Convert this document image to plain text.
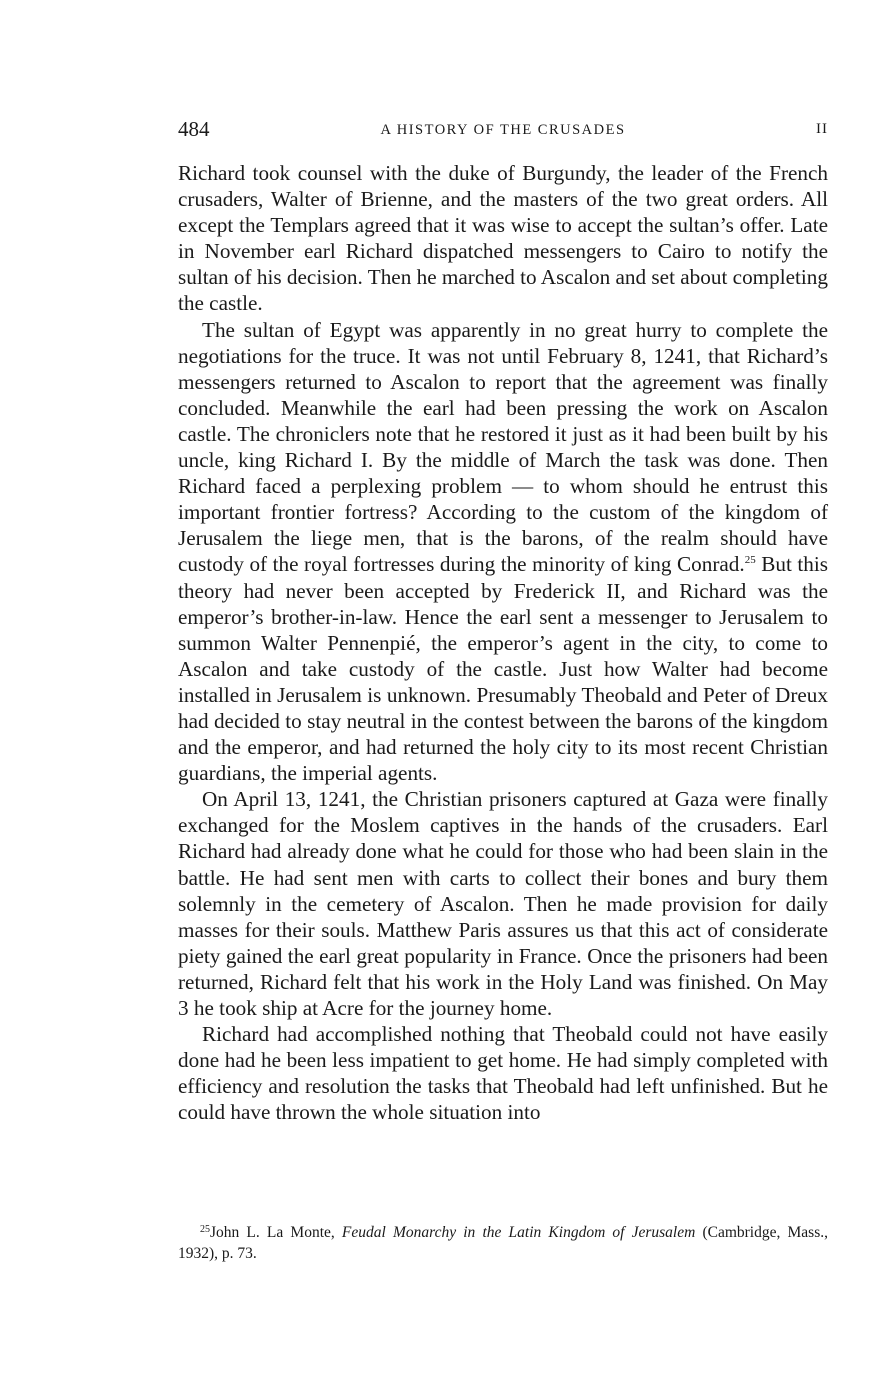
484	A HISTORY OF THE CRUSADES	II

Richard took counsel with the duke of Burgundy, the leader of the French crusaders, Walter of Brienne, and the masters of the two great orders. All except the Templars agreed that it was wise to accept the sultan’s offer. Late in November earl Richard dispatched messengers to Cairo to notify the sultan of his decision. Then he marched to Ascalon and set about completing the castle.

The sultan of Egypt was apparently in no great hurry to complete the negotiations for the truce. It was not until February 8, 1241, that Richard’s messengers returned to Ascalon to report that the agreement was finally concluded. Meanwhile the earl had been pressing the work on Ascalon castle. The chroniclers note that he restored it just as it had been built by his uncle, king Richard I. By the middle of March the task was done. Then Richard faced a perplexing problem — to whom should he entrust this important frontier fortress? According to the custom of the kingdom of Jerusalem the liege men, that is the barons, of the realm should have custody of the royal fortresses during the minority of king Conrad.$^{25}$ But this theory had never been accepted by Frederick II, and Richard was the emperor’s brother-in-law. Hence the earl sent a messenger to Jerusalem to summon Walter Pennenpié, the emperor’s agent in the city, to come to Ascalon and take custody of the castle. Just how Walter had become installed in Jerusalem is unknown. Presumably Theobald and Peter of Dreux had decided to stay neutral in the contest between the barons of the kingdom and the emperor, and had returned the holy city to its most recent Christian guardians, the imperial agents.

On April 13, 1241, the Christian prisoners captured at Gaza were finally exchanged for the Moslem captives in the hands of the crusaders. Earl Richard had already done what he could for those who had been slain in the battle. He had sent men with carts to collect their bones and bury them solemnly in the cemetery of Ascalon. Then he made provision for daily masses for their souls. Matthew Paris assures us that this act of considerate piety gained the earl great popularity in France. Once the prisoners had been returned, Richard felt that his work in the Holy Land was finished. On May 3 he took ship at Acre for the journey home.

Richard had accomplished nothing that Theobald could not have easily done had he been less impatient to get home. He had simply completed with efficiency and resolution the tasks that Theobald had left unfinished. But he could have thrown the whole situation into

$^{25}$John L. La Monte, Feudal Monarchy in the Latin Kingdom of Jerusalem (Cambridge, Mass., 1932), p. 73.
